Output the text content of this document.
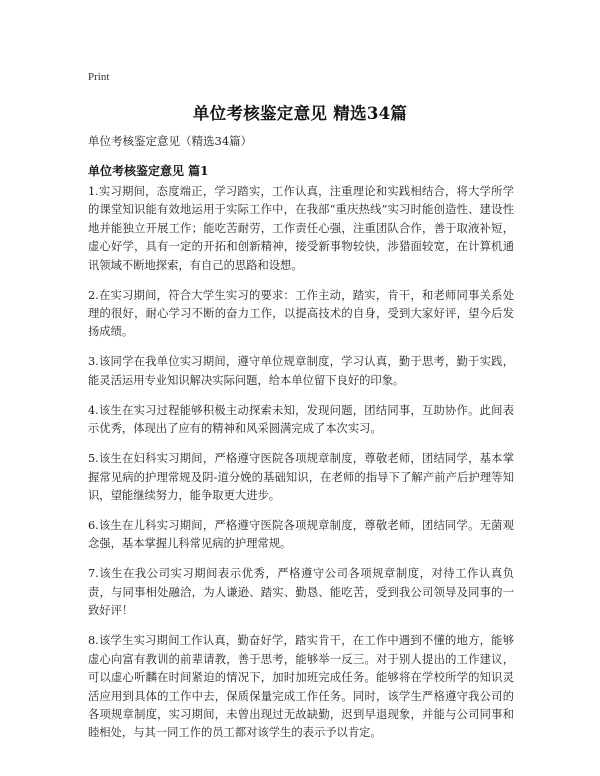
Print
单位考核鉴定意见 精选34篇
单位考核鉴定意见（精选34篇）
单位考核鉴定意见 篇1

1.实习期间，态度端正，学习踏实，工作认真，注重理论和实践相结合，将大学所学的课堂知识能有效地运用于实际工作中，在我部“重庆热线”实习时能创造性、建设性地并能独立开展工作；能吃苦耐劳，工作责任心强，注重团队合作，善于取液补短，虚心好学，具有一定的开拓和创新精神，接受新事物较快，涉猎面较宽，在计算机通讯领域不断地探索，有自己的思路和设想。

2.在实习期间，符合大学生实习的要求：工作主动，踏实，肯干，和老师同事关系处理的很好，耐心学习不断的奋力工作，以提高技术的自身，受到大家好评，望今后发扬成绩。

3.该同学在我单位实习期间，遵守单位规章制度，学习认真，勤于思考，勤于实践，能灵活运用专业知识解决实际问题，给本单位留下良好的印象。

4.该生在实习过程能够积极主动探索未知，发现问题，团结同事，互助协作。此间表示优秀，体现出了应有的精神和风采圆满完成了本次实习。

5.该生在妇科实习期间，严格遵守医院各项规章制度，尊敬老师，团结同学，基本掌握常见病的护理常规及阴-道分娩的基础知识，在老师的指导下了解产前产后护理等知识，望能继续努力，能争取更大进步。

6.该生在儿科实习期间，严格遵守医院各项规章制度，尊敬老师，团结同学。无菌观念强，基本掌握儿科常见病的护理常规。

7.该生在我公司实习期间表示优秀，严格遵守公司各项规章制度，对待工作认真负责，与同事相处融洽，为人谦逊、踏实、勤恳、能吃苦，受到我公司领导及同事的一致好评！

8.该学生实习期间工作认真，勤奋好学，踏实肯干，在工作中遇到不懂的地方，能够虚心向富有教训的前辈请教，善于思考，能够举一反三。对于别人提出的工作建议，可以虚心听麟在时间紧迫的情况下，加时加班完成任务。能够将在学校所学的知识灵活应用到具体的工作中去，保质保量完成工作任务。同时，该学生严格遵守我公司的各项规章制度，实习期间，未曾出现过无故缺勤，迟到早退现象，并能与公司同事和睦相处，与其一同工作的员工都对该学生的表示予以肯定。
